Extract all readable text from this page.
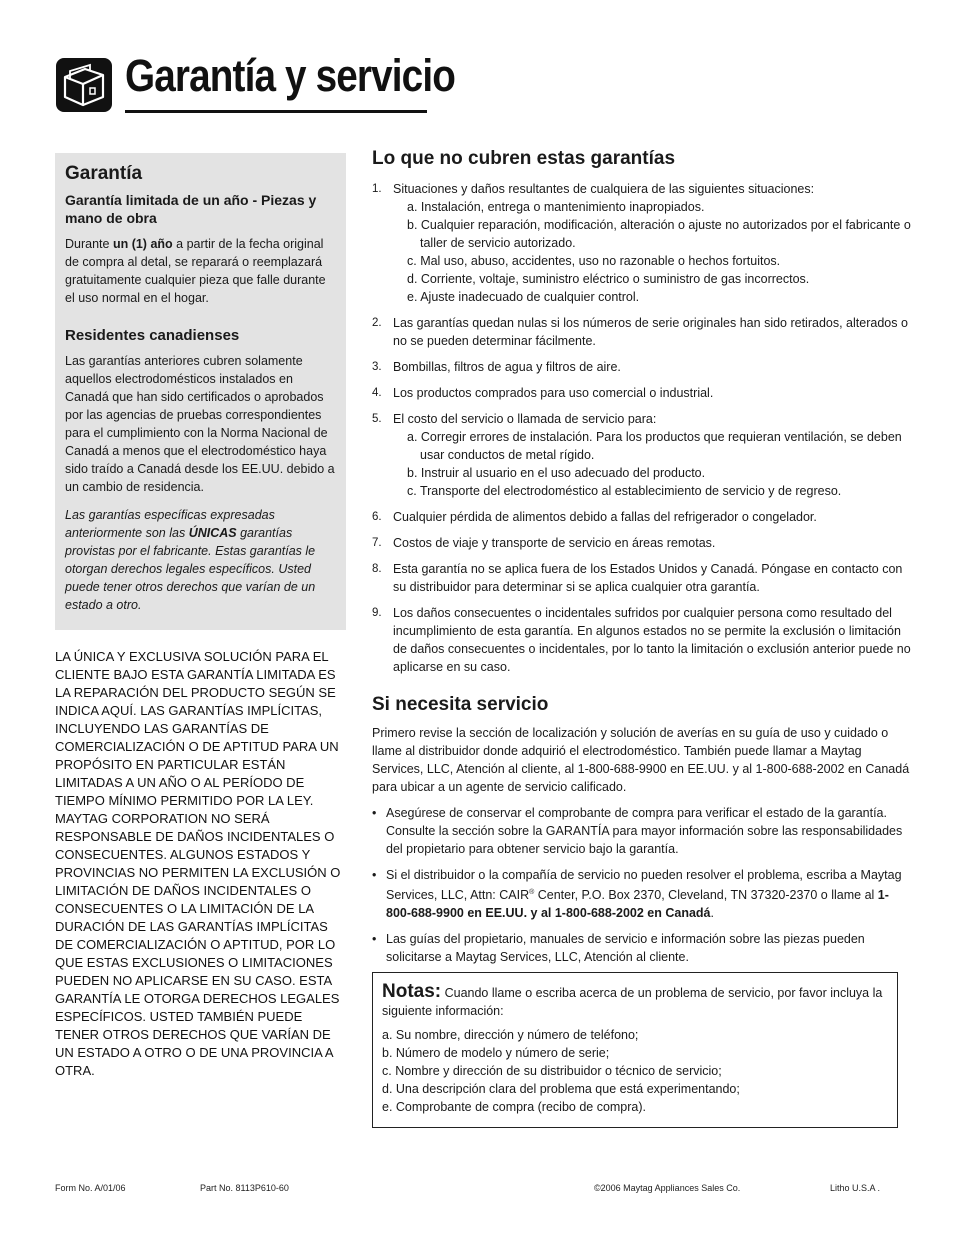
Garantía y servicio
Garantía
Garantía limitada de un año - Piezas y mano de obra

Durante un (1) año a partir de la fecha original de compra al detal, se reparará o reemplazará gratuitamente cualquier pieza que falle durante el uso normal en el hogar.

Residentes canadienses

Las garantías anteriores cubren solamente aquellos electrodomésticos instalados en Canadá que han sido certificados o aprobados por las agencias de pruebas correspondientes para el cumplimiento con la Norma Nacional de Canadá a menos que el electrodoméstico haya sido traído a Canadá desde los EE.UU. debido a un cambio de residencia.

Las garantías específicas expresadas anteriormente son las ÚNICAS garantías provistas por el fabricante. Estas garantías le otorgan derechos legales específicos. Usted puede tener otros derechos que varían de un estado a otro.

LA ÚNICA Y EXCLUSIVA SOLUCIÓN PARA EL CLIENTE BAJO ESTA GARANTÍA LIMITADA ES LA REPARACIÓN DEL PRODUCTO SEGÚN SE INDICA AQUÍ. LAS GARANTÍAS IMPLÍCITAS, INCLUYENDO LAS GARANTÍAS DE COMERCIALIZACIÓN O DE APTITUD PARA UN PROPÓSITO EN PARTICULAR ESTÁN LIMITADAS A UN AÑO O AL PERÍODO DE TIEMPO MÍNIMO PERMITIDO POR LA LEY. MAYTAG CORPORATION NO SERÁ RESPONSABLE DE DAÑOS INCIDENTALES O CONSECUENTES. ALGUNOS ESTADOS Y PROVINCIAS NO PERMITEN LA EXCLUSIÓN O LIMITACIÓN DE DAÑOS INCIDENTALES O CONSECUENTES O LA LIMITACIÓN DE LA DURACIÓN DE LAS GARANTÍAS IMPLÍCITAS DE COMERCIALIZACIÓN O APTITUD, POR LO QUE ESTAS EXCLUSIONES O LIMITACIONES PUEDEN NO APLICARSE EN SU CASO. ESTA GARANTÍA LE OTORGA DERECHOS LEGALES ESPECÍFICOS. USTED TAMBIÉN PUEDE TENER OTROS DERECHOS QUE VARÍAN DE UN ESTADO A OTRO O DE UNA PROVINCIA A OTRA.

Lo que no cubren estas garantías
1. Situaciones y daños resultantes de cualquiera de las siguientes situaciones:
a. Instalación, entrega o mantenimiento inapropiados.
b. Cualquier reparación, modificación, alteración o ajuste no autorizados por el fabricante o taller de servicio autorizado.
c. Mal uso, abuso, accidentes, uso no razonable o hechos fortuitos.
d. Corriente, voltaje, suministro eléctrico o suministro de gas incorrectos.
e. Ajuste inadecuado de cualquier control.
2. Las garantías quedan nulas si los números de serie originales han sido retirados, alterados o no se pueden determinar fácilmente.
3. Bombillas, filtros de agua y filtros de aire.
4. Los productos comprados para uso comercial o industrial.
5. El costo del servicio o llamada de servicio para:
a. Corregir errores de instalación. Para los productos que requieran ventilación, se deben usar conductos de metal rígido.
b. Instruir al usuario en el uso adecuado del producto.
c. Transporte del electrodoméstico al establecimiento de servicio y de regreso.
6. Cualquier pérdida de alimentos debido a fallas del refrigerador o congelador.
7. Costos de viaje y transporte de servicio en áreas remotas.
8. Esta garantía no se aplica fuera de los Estados Unidos y Canadá. Póngase en contacto con su distribuidor para determinar si se aplica cualquier otra garantía.
9. Los daños consecuentes o incidentales sufridos por cualquier persona como resultado del incumplimiento de esta garantía. En algunos estados no se permite la exclusión o limitación de daños consecuentes o incidentales, por lo tanto la limitación o exclusión anterior puede no aplicarse en su caso.
Si necesita servicio

Primero revise la sección de localización y solución de averías en su guía de uso y cuidado o llame al distribuidor donde adquirió el electrodoméstico. También puede llamar a Maytag Services, LLC, Atención al cliente, al 1-800-688-9900 en EE.UU. y al 1-800-688-2002 en Canadá para ubicar a un agente de servicio calificado.

• Asegúrese de conservar el comprobante de compra para verificar el estado de la garantía. Consulte la sección sobre la GARANTÍA para mayor información sobre las responsabilidades del propietario para obtener servicio bajo la garantía.
• Si el distribuidor o la compañía de servicio no pueden resolver el problema, escriba a Maytag Services, LLC, Attn: CAIR® Center, P.O. Box 2370, Cleveland, TN 37320-2370 o llame al 1-800-688-9900 en EE.UU. y al 1-800-688-2002 en Canadá.
• Las guías del propietario, manuales de servicio e información sobre las piezas pueden solicitarse a Maytag Services, LLC, Atención al cliente.

Notas: Cuando llame o escriba acerca de un problema de servicio, por favor incluya la siguiente información:

a. Su nombre, dirección y número de teléfono;
b. Número de modelo y número de serie;
c. Nombre y dirección de su distribuidor o técnico de servicio;
d. Una descripción clara del problema que está experimentando;
e. Comprobante de compra (recibo de compra).
Form No. A/01/06	Part No. 8113P610-60	©2006 Maytag Appliances Sales Co.	Litho U.S.A .
